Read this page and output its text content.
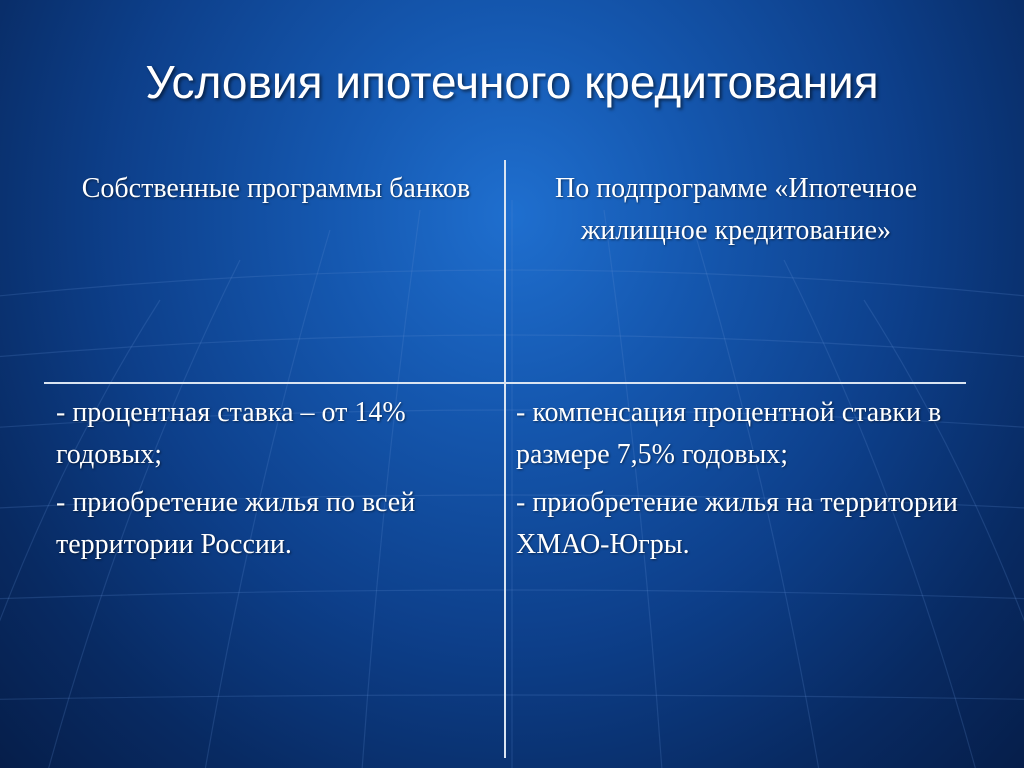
Условия ипотечного кредитования
Собственные программы банков	По подпрограмме «Ипотечное жилищное кредитование»

- процентная ставка – от 14% годовых;

- приобретение жилья по всей территории России.

- компенсация процентной ставки в размере 7,5% годовых;

- приобретение жилья на территории ХМАО-Югры.
